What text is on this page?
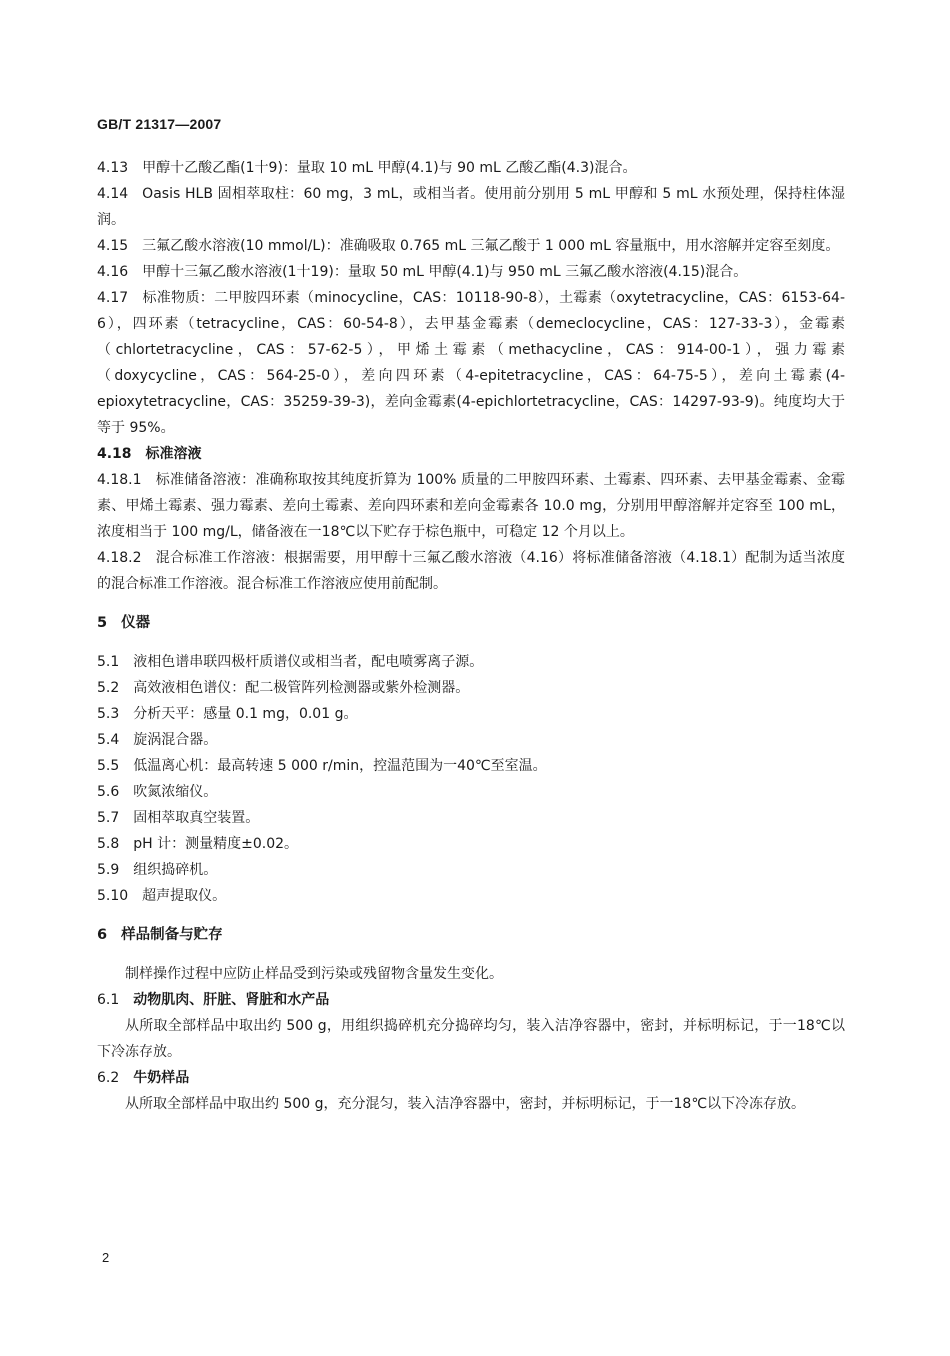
GB/T 21317—2007

4.13 甲醇十乙酸乙酯(1十9)：量取 10 mL 甲醇(4.1)与 90 mL 乙酸乙酯(4.3)混合。

4.14 Oasis HLB 固相萃取柱：60 mg，3 mL，或相当者。使用前分别用 5 mL 甲醇和 5 mL 水预处理，保持柱体湿润。

4.15 三氟乙酸水溶液(10 mmol/L)：准确吸取 0.765 mL 三氟乙酸于 1 000 mL 容量瓶中，用水溶解并定容至刻度。

4.16 甲醇十三氟乙酸水溶液(1十19)：量取 50 mL 甲醇(4.1)与 950 mL 三氟乙酸水溶液(4.15)混合。

4.17 标准物质：二甲胺四环素（minocycline，CAS：10118-90-8），土霉素（oxytetracycline，CAS：6153-64-6），四环素（tetracycline，CAS：60-54-8），去甲基金霉素（demeclocycline，CAS：127-33-3），金霉素（chlortetracycline，CAS：57-62-5），甲烯土霉素（methacycline，CAS：914-00-1），强力霉素（doxycycline，CAS：564-25-0），差向四环素（4-epitetracycline，CAS：64-75-5），差向土霉素(4-epioxytetracycline，CAS：35259-39-3)，差向金霉素(4-epichlortetracycline，CAS：14297-93-9)。纯度均大于等于 95%。

4.18 标准溶液

4.18.1 标准储备溶液：准确称取按其纯度折算为 100% 质量的二甲胺四环素、土霉素、四环素、去甲基金霉素、金霉素、甲烯土霉素、强力霉素、差向土霉素、差向四环素和差向金霉素各 10.0 mg，分别用甲醇溶解并定容至 100 mL，浓度相当于 100 mg/L，储备液在一18℃以下贮存于棕色瓶中，可稳定 12 个月以上。

4.18.2 混合标准工作溶液：根据需要，用甲醇十三氟乙酸水溶液（4.16）将标准储备溶液（4.18.1）配制为适当浓度的混合标准工作溶液。混合标准工作溶液应使用前配制。

5 仪器

5.1 液相色谱串联四极杆质谱仪或相当者，配电喷雾离子源。

5.2 高效液相色谱仪：配二极管阵列检测器或紫外检测器。

5.3 分析天平：感量 0.1 mg，0.01 g。

5.4 旋涡混合器。

5.5 低温离心机：最高转速 5 000 r/min，控温范围为一40℃至室温。

5.6 吹氮浓缩仪。

5.7 固相萃取真空装置。

5.8 pH 计：测量精度±0.02。

5.9 组织捣碎机。

5.10 超声提取仪。

6 样品制备与贮存

制样操作过程中应防止样品受到污染或残留物含量发生变化。

6.1 动物肌肉、肝脏、肾脏和水产品

从所取全部样品中取出约 500 g，用组织捣碎机充分捣碎均匀，装入洁净容器中，密封，并标明标记，于一18℃以下冷冻存放。

6.2 牛奶样品

从所取全部样品中取出约 500 g，充分混匀，装入洁净容器中，密封，并标明标记，于一18℃以下冷冻存放。

2
